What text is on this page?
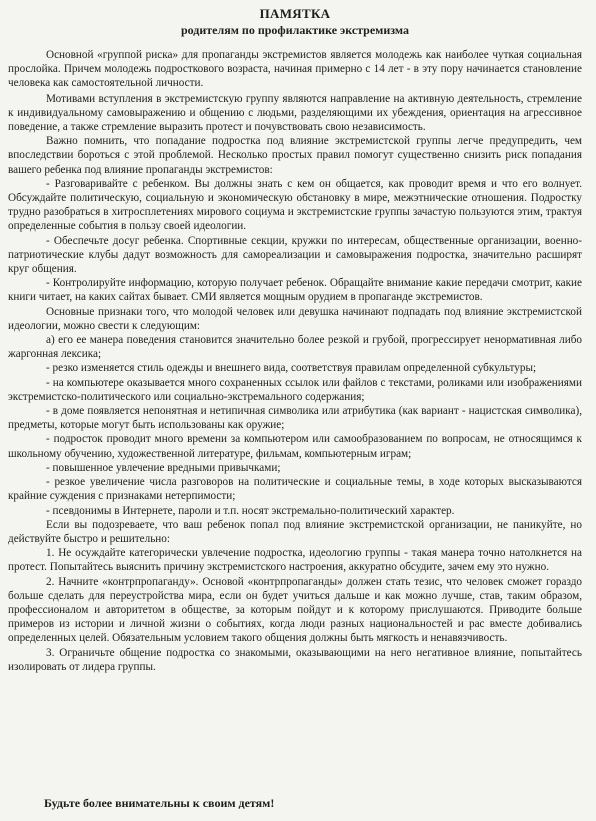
ПАМЯТКА
родителям по профилактике экстремизма

Основной «группой риска» для пропаганды экстремистов является молодежь как наиболее чуткая социальная прослойка. Причем молодежь подросткового возраста, начиная примерно с 14 лет - в эту пору начинается становление человека как самостоятельной личности.

Мотивами вступления в экстремистскую группу являются направление на активную деятельность, стремление к индивидуальному самовыражению и общению с людьми, разделяющими их убеждения, ориентация на агрессивное поведение, а также стремление выразить протест и почувствовать свою независимость.

Важно помнить, что попадание подростка под влияние экстремистской группы легче предупредить, чем впоследствии бороться с этой проблемой. Несколько простых правил помогут существенно снизить риск попадания вашего ребенка под влияние пропаганды экстремистов:

- Разговаривайте с ребенком. Вы должны знать с кем он общается, как проводит время и что его волнует. Обсуждайте политическую, социальную и экономическую обстановку в мире, межэтнические отношения. Подростку трудно разобраться в хитросплетениях мирового социума и экстремистские группы зачастую пользуются этим, трактуя определенные события в пользу своей идеологии.

- Обеспечьте досуг ребенка. Спортивные секции, кружки по интересам, общественные организации, военно-патриотические клубы дадут возможность для самореализации и самовыражения подростка, значительно расширят круг общения.

- Контролируйте информацию, которую получает ребенок. Обращайте внимание какие передачи смотрит, какие книги читает, на каких сайтах бывает. СМИ является мощным орудием в пропаганде экстремистов.

Основные признаки того, что молодой человек или девушка начинают подпадать под влияние экстремистской идеологии, можно свести к следующим:

а) его ее манера поведения становится значительно более резкой и грубой, прогрессирует ненормативная либо жаргонная лексика;

- резко изменяется стиль одежды и внешнего вида, соответствуя правилам определенной субкультуры;

- на компьютере оказывается много сохраненных ссылок или файлов с текстами, роликами или изображениями экстремистско-политического или социально-экстремального содержания;

- в доме появляется непонятная и нетипичная символика или атрибутика (как вариант - нацистская символика), предметы, которые могут быть использованы как оружие;

- подросток проводит много времени за компьютером или самообразованием по вопросам, не относящимся к школьному обучению, художественной литературе, фильмам, компьютерным играм;

- повышенное увлечение вредными привычками;

- резкое увеличение числа разговоров на политические и социальные темы, в ходе которых высказываются крайние суждения с признаками нетерпимости;

- псевдонимы в Интернете, пароли и т.п. носят экстремально-политический характер.

Если вы подозреваете, что ваш ребенок попал под влияние экстремистской организации, не паникуйте, но действуйте быстро и решительно:

1. Не осуждайте категорически увлечение подростка, идеологию группы - такая манера точно натолкнется на протест. Попытайтесь выяснить причину экстремистского настроения, аккуратно обсудите, зачем ему это нужно.

2. Начните «контрпропаганду». Основой «контрпропаганды» должен стать тезис, что человек сможет гораздо больше сделать для переустройства мира, если он будет учиться дальше и как можно лучше, став, таким образом, профессионалом и авторитетом в обществе, за которым пойдут и к которому прислушаются. Приводите больше примеров из истории и личной жизни о событиях, когда люди разных национальностей и рас вместе добивались определенных целей. Обязательным условием такого общения должны быть мягкость и ненавязчивость.

3. Ограничьте общение подростка со знакомыми, оказывающими на него негативное влияние, попытайтесь изолировать от лидера группы.

Будьте более внимательны к своим детям!
